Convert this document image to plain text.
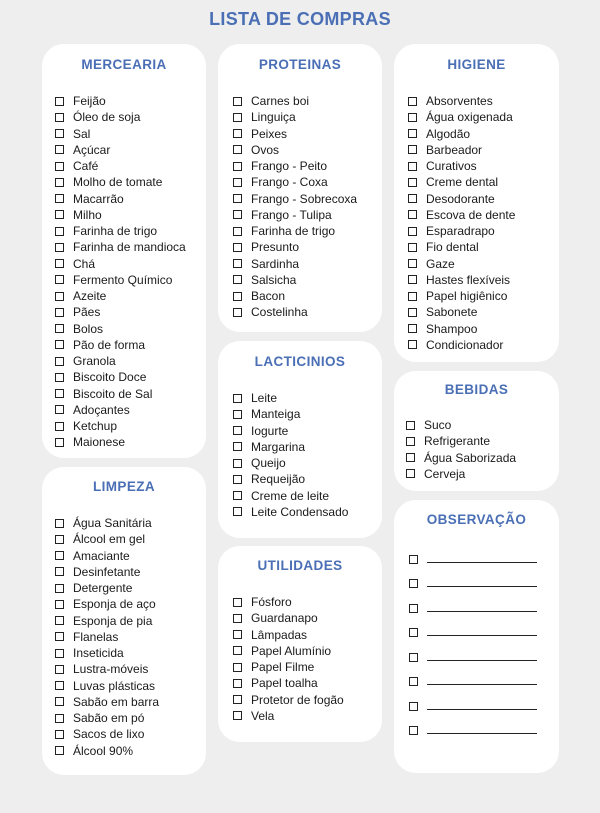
LISTA DE COMPRAS
MERCEARIA
Feijão
Óleo de soja
Sal
Açúcar
Café
Molho de tomate
Macarrão
Milho
Farinha de trigo
Farinha de mandioca
Chá
Fermento Químico
Azeite
Pães
Bolos
Pão de forma
Granola
Biscoito Doce
Biscoito de Sal
Adoçantes
Ketchup
Maionese
LIMPEZA
Água Sanitária
Álcool em gel
Amaciante
Desinfetante
Detergente
Esponja de aço
Esponja de pia
Flanelas
Inseticida
Lustra-móveis
Luvas plásticas
Sabão em barra
Sabão em pó
Sacos de lixo
Álcool 90%
PROTEINAS
Carnes boi
Linguiça
Peixes
Ovos
Frango - Peito
Frango - Coxa
Frango - Sobrecoxa
Frango - Tulipa
Farinha de trigo
Presunto
Sardinha
Salsicha
Bacon
Costelinha
LACTICINIOS
Leite
Manteiga
Iogurte
Margarina
Queijo
Requeijão
Creme de leite
Leite Condensado
UTILIDADES
Fósforo
Guardanapo
Lâmpadas
Papel Alumínio
Papel Filme
Papel toalha
Protetor de fogão
Vela
HIGIENE
Absorventes
Água oxigenada
Algodão
Barbeador
Curativos
Creme dental
Desodorante
Escova de dente
Esparadrapo
Fio dental
Gaze
Hastes flexíveis
Papel higiênico
Sabonete
Shampoo
Condicionador
BEBIDAS
Suco
Refrigerante
Água Saborizada
Cerveja
OBSERVAÇÃO
